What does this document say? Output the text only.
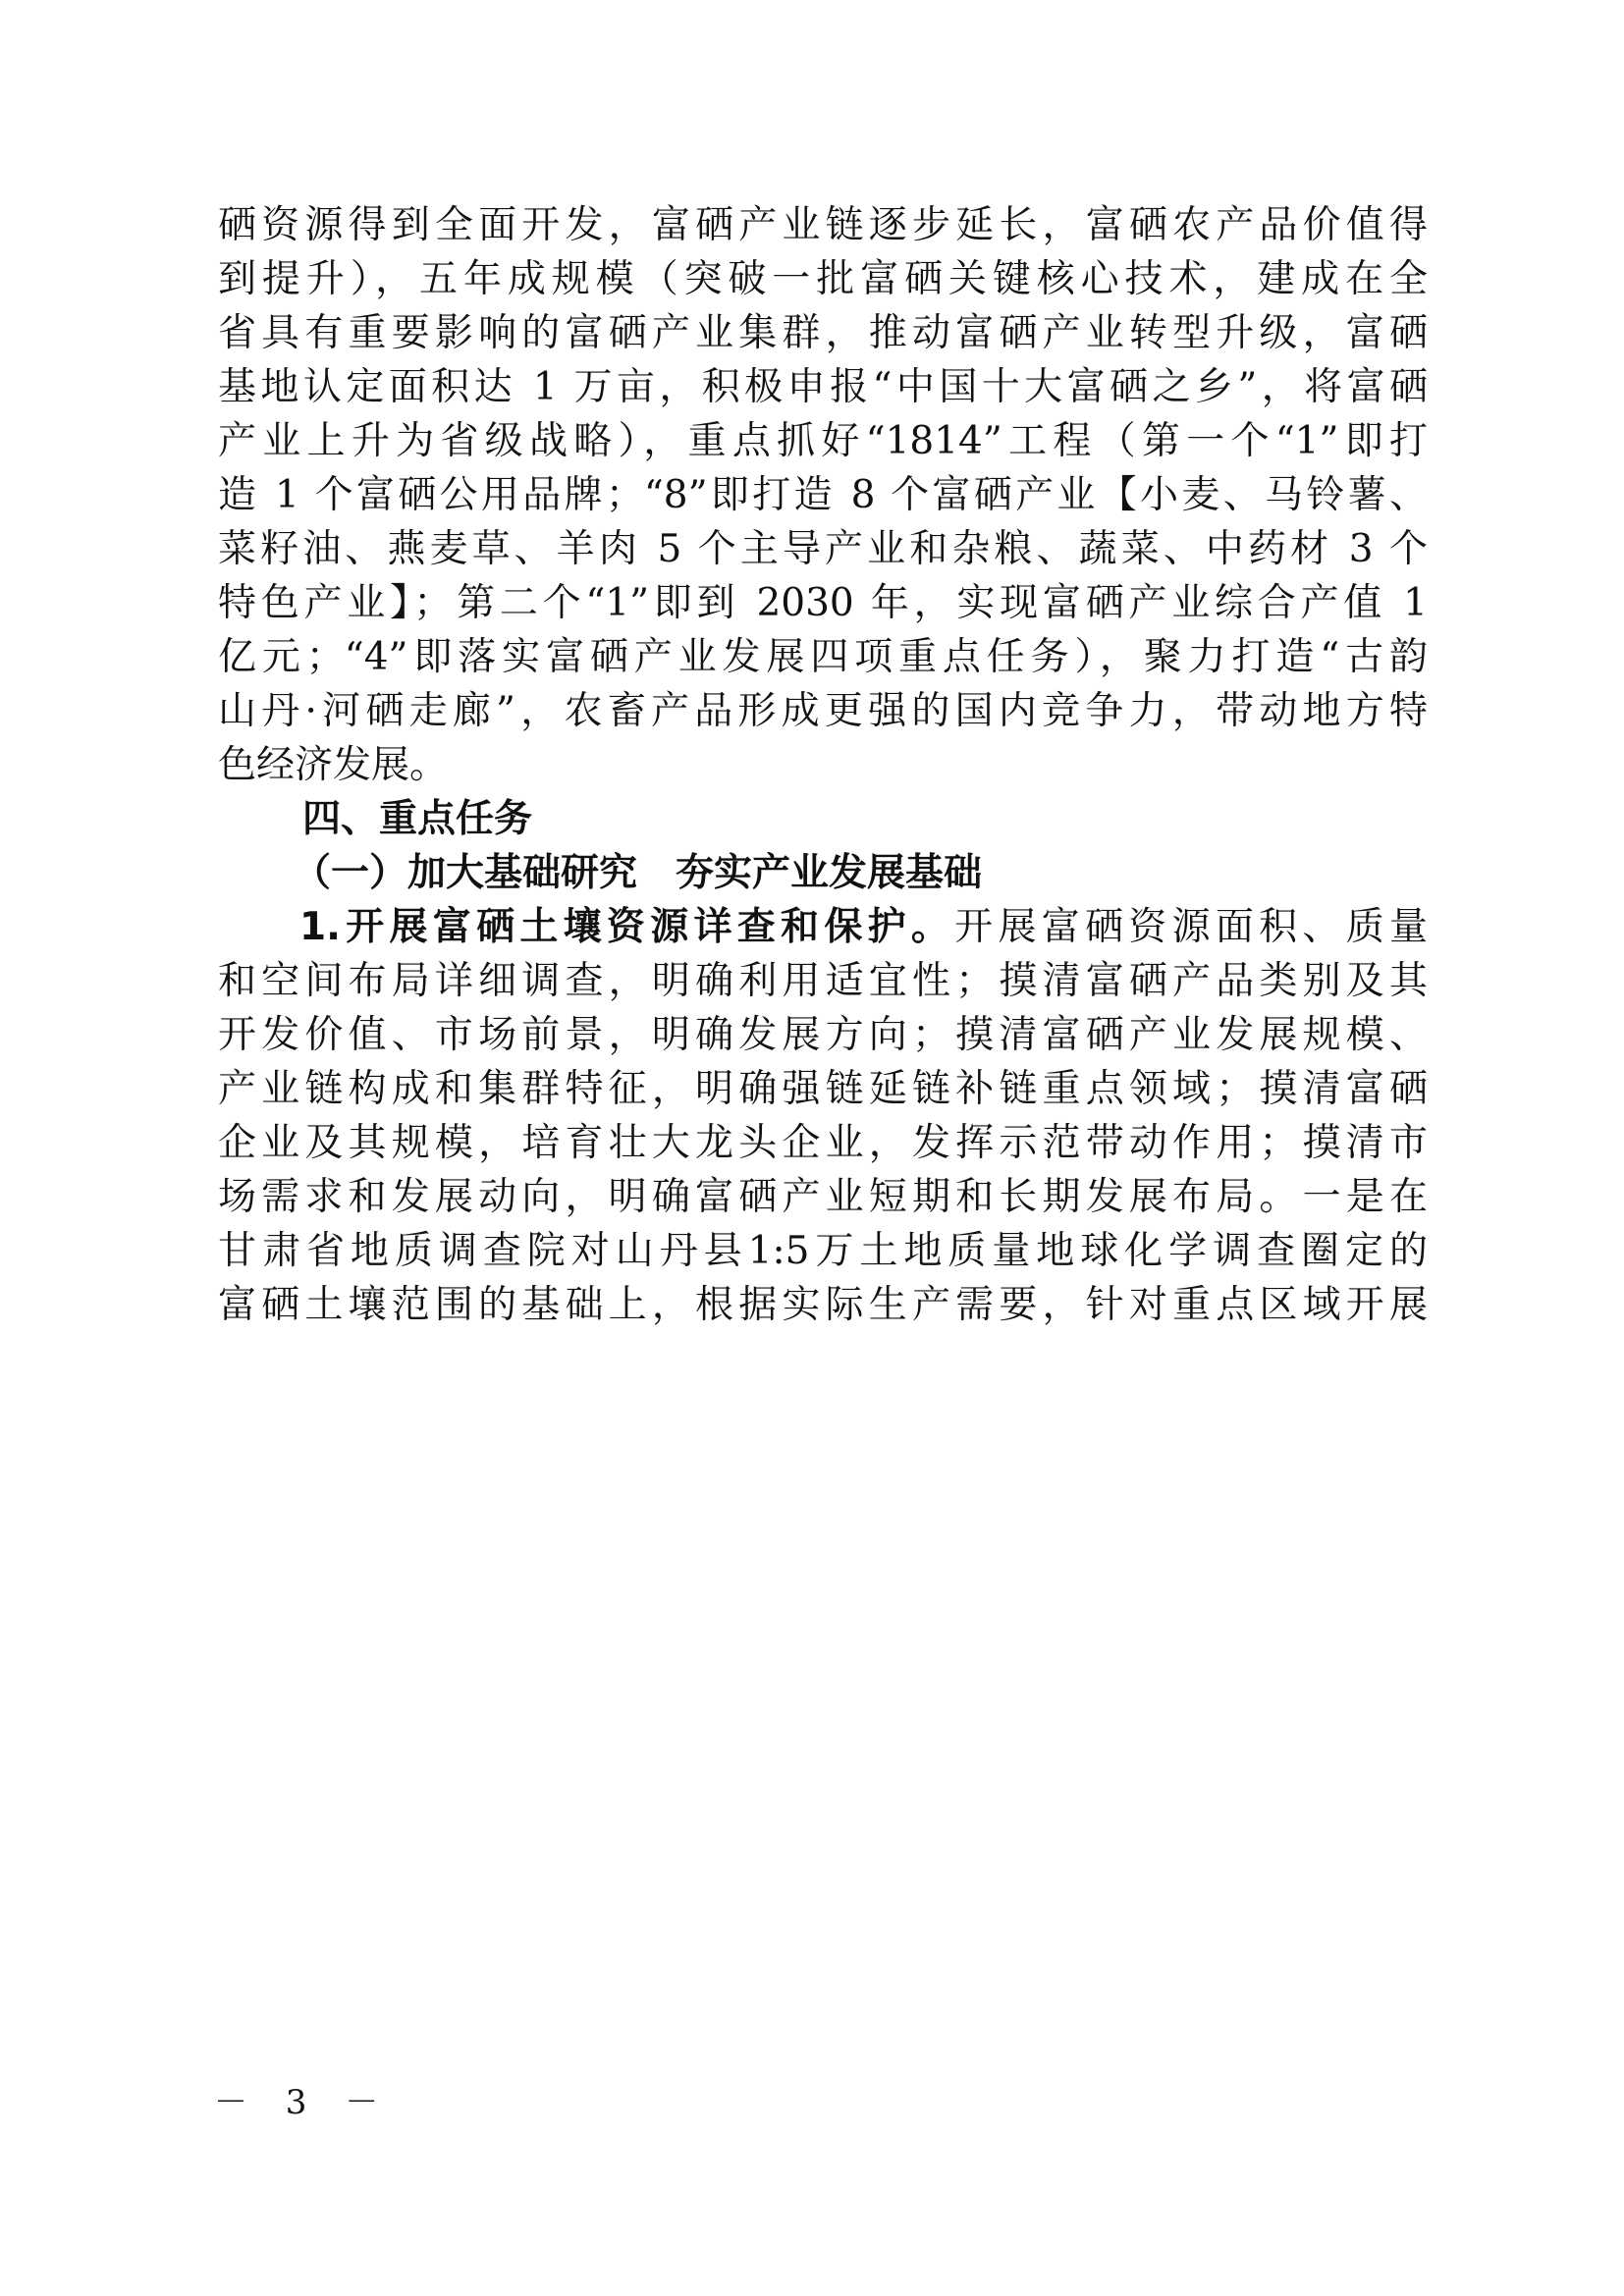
硒资源得到全面开发，富硒产业链逐步延长，富硒农产品价值得
到提升），五年成规模（突破一批富硒关键核心技术，建成在全
省具有重要影响的富硒产业集群，推动富硒产业转型升级，富硒
基地认定面积达 1 万亩，积极申报“中国十大富硒之乡”，将富硒
产业上升为省级战略），重点抓好“1814”工程（第一个“1”即打
造 1 个富硒公用品牌；“8”即打造 8 个富硒产业【小麦、马铃薯、
菜籽油、燕麦草、羊肉 5 个主导产业和杂粮、蔬菜、中药材 3 个
特色产业】；第二个“1”即到 2030 年，实现富硒产业综合产值 1
亿元；“4”即落实富硒产业发展四项重点任务），聚力打造“古韵
山丹·河硒走廊”，农畜产品形成更强的国内竞争力，带动地方特
色经济发展。
四、重点任务
（一）加大基础研究　夯实产业发展基础
1.开展富硒土壤资源详查和保护。开展富硒资源面积、质量
和空间布局详细调查，明确利用适宜性；摸清富硒产品类别及其
开发价值、市场前景，明确发展方向；摸清富硒产业发展规模、
产业链构成和集群特征，明确强链延链补链重点领域；摸清富硒
企业及其规模，培育壮大龙头企业，发挥示范带动作用；摸清市
场需求和发展动向，明确富硒产业短期和长期发展布局。一是在
甘肃省地质调查院对山丹县1:5万土地质量地球化学调查圈定的
富硒土壤范围的基础上，根据实际生产需要，针对重点区域开展
－ 3 －
